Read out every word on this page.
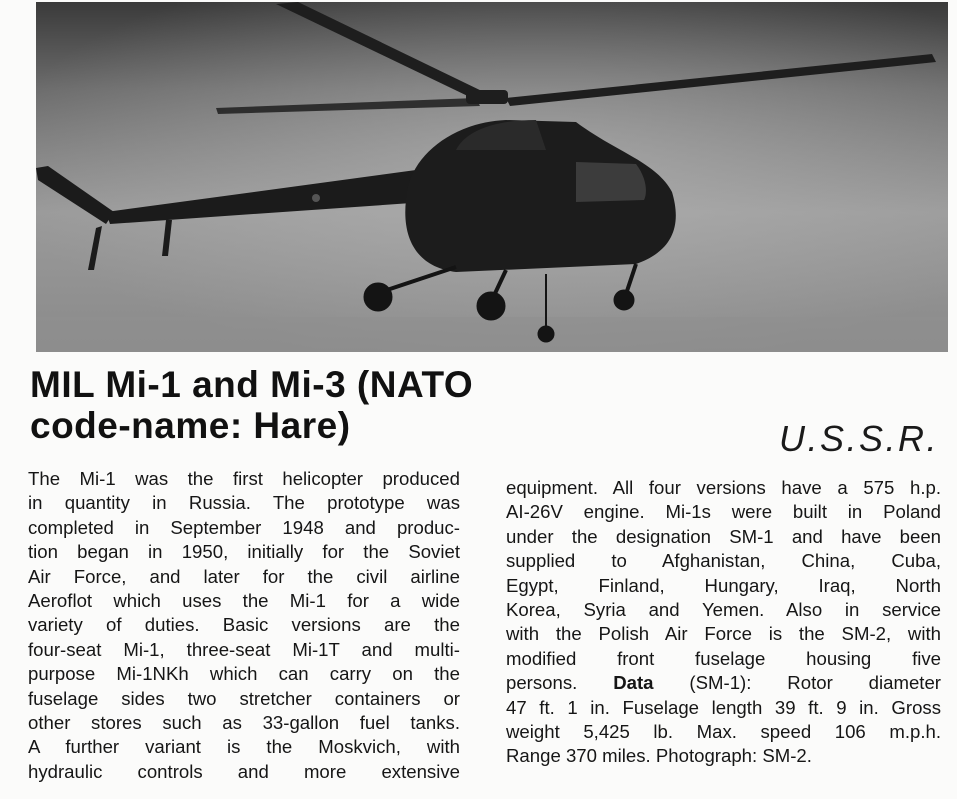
MIL Mi-1 and Mi-3 (NATO
code-name: Hare)	U.S.S.R.
The Mi-1 was the first helicopter produced
in quantity in Russia. The prototype was
completed in September 1948 and produc-
tion began in 1950, initially for the Soviet
Air Force, and later for the civil airline
Aeroflot which uses the Mi-1 for a wide
variety of duties. Basic versions are the
four-seat Mi-1, three-seat Mi-1T and multi-
purpose Mi-1NKh which can carry on the
fuselage sides two stretcher containers or
other stores such as 33-gallon fuel tanks.
A further variant is the Moskvich, with
hydraulic controls and more extensive
equipment. All four versions have a 575 h.p.
AI-26V engine. Mi-1s were built in Poland
under the designation SM-1 and have been
supplied to Afghanistan, China, Cuba,
Egypt, Finland, Hungary, Iraq, North
Korea, Syria and Yemen. Also in service
with the Polish Air Force is the SM-2, with
modified front fuselage housing five
persons. Data (SM-1): Rotor diameter
47 ft. 1 in. Fuselage length 39 ft. 9 in. Gross
weight 5,425 lb. Max. speed 106 m.p.h.
Range 370 miles. Photograph: SM-2.
